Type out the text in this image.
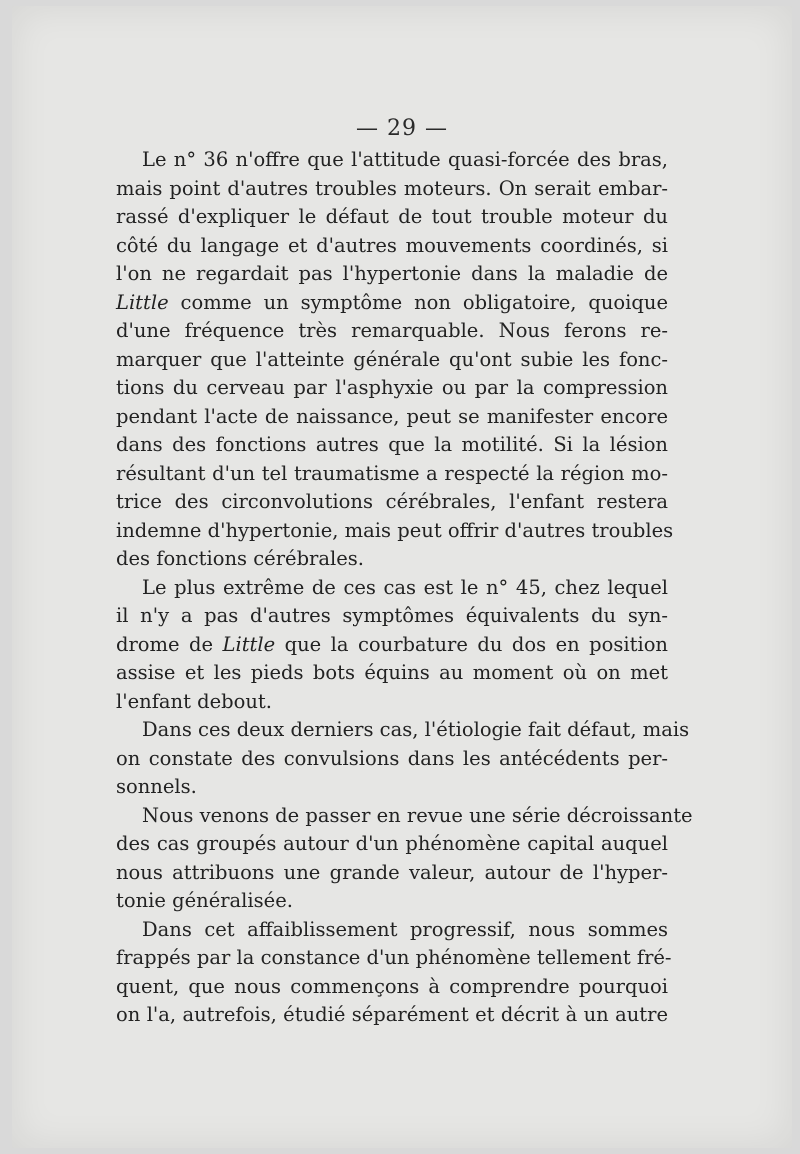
— 29 —
Le n° 36 n'offre que l'attitude quasi-forcée des bras,
mais point d'autres troubles moteurs. On serait embar-
rassé d'expliquer le défaut de tout trouble moteur du
côté du langage et d'autres mouvements coordinés, si
l'on ne regardait pas l'hypertonie dans la maladie de
Little comme un symptôme non obligatoire, quoique
d'une fréquence très remarquable. Nous ferons re-
marquer que l'atteinte générale qu'ont subie les fonc-
tions du cerveau par l'asphyxie ou par la compression
pendant l'acte de naissance, peut se manifester encore
dans des fonctions autres que la motilité. Si la lésion
résultant d'un tel traumatisme a respecté la région mo-
trice des circonvolutions cérébrales, l'enfant restera
indemne d'hypertonie, mais peut offrir d'autres troubles
des fonctions cérébrales.
Le plus extrême de ces cas est le n° 45, chez lequel
il n'y a pas d'autres symptômes équivalents du syn-
drome de Little que la courbature du dos en position
assise et les pieds bots équins au moment où on met
l'enfant debout.
Dans ces deux derniers cas, l'étiologie fait défaut, mais
on constate des convulsions dans les antécédents per-
sonnels.
Nous venons de passer en revue une série décroissante
des cas groupés autour d'un phénomène capital auquel
nous attribuons une grande valeur, autour de l'hyper-
tonie généralisée.
Dans cet affaiblissement progressif, nous sommes
frappés par la constance d'un phénomène tellement fré-
quent, que nous commençons à comprendre pourquoi
on l'a, autrefois, étudié séparément et décrit à un autre
